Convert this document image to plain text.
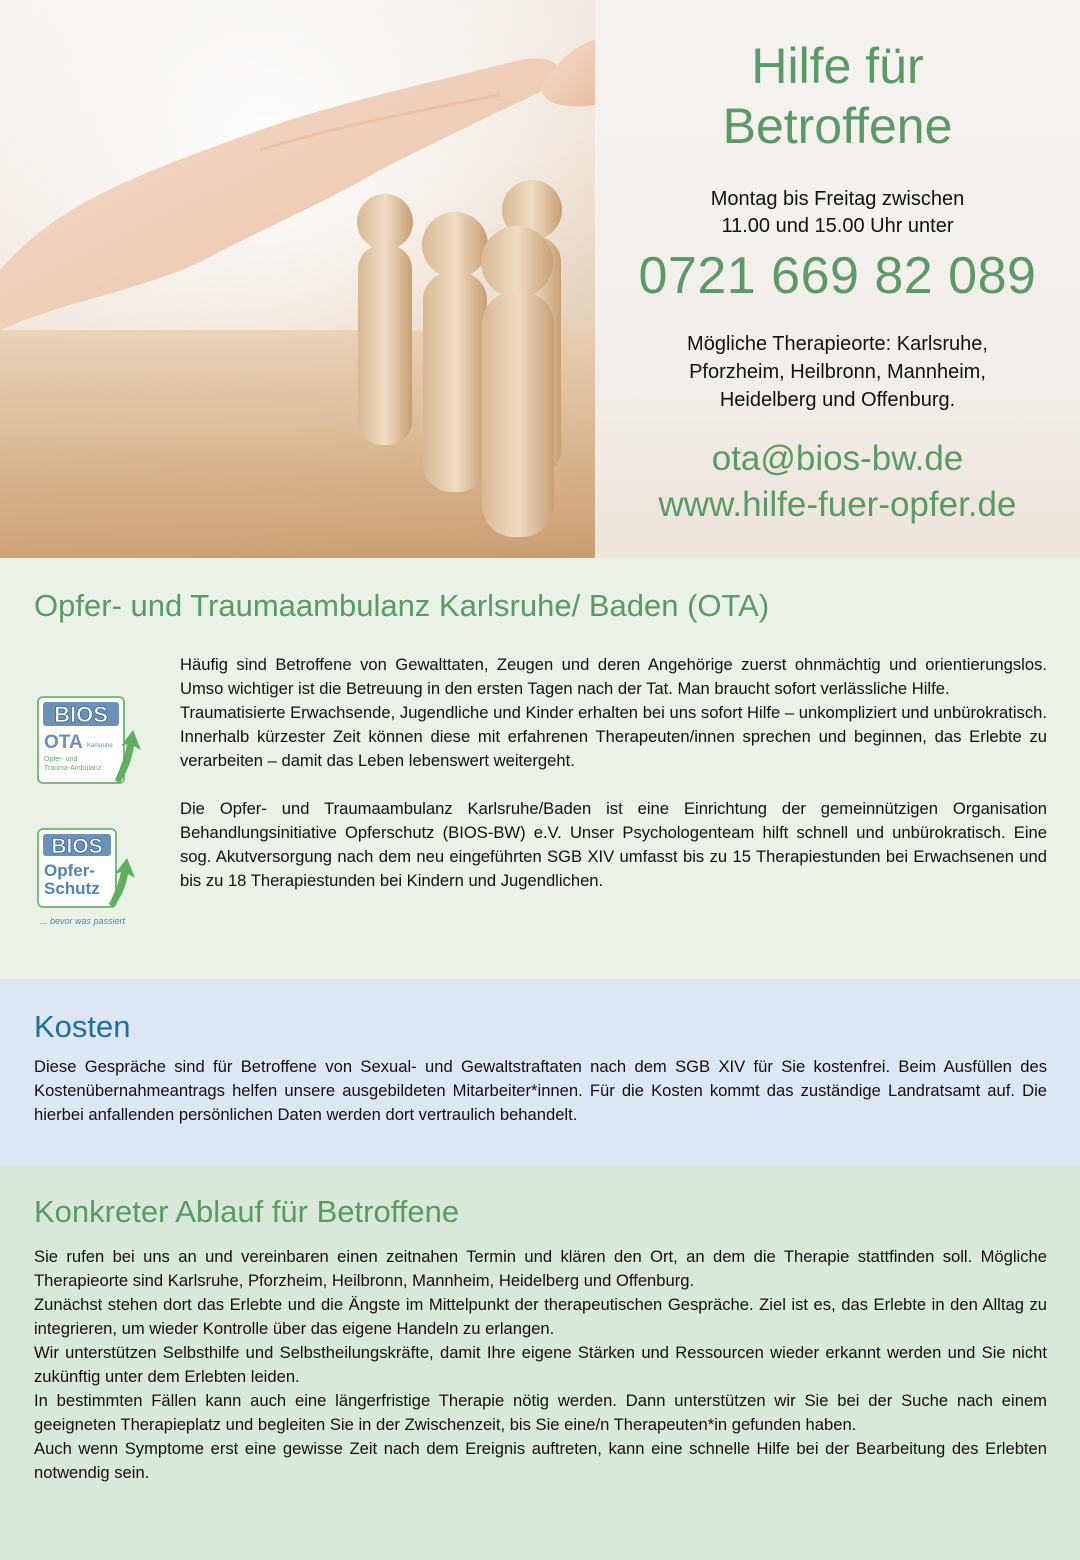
Hilfe für
Betroffene
Montag bis Freitag zwischen
11.00 und 15.00 Uhr unter
0721 669 82 089
Mögliche Therapieorte: Karlsruhe,
Pforzheim, Heilbronn, Mannheim,
Heidelberg und Offenburg.
ota@bios-bw.de
www.hilfe-fuer-opfer.de
Opfer- und Traumaambulanz Karlsruhe/ Baden (OTA)
BIOS
OTA Karlsruhe
Opfer- und
Trauma-Ambulanz
BIOS
Opfer-
Schutz
... bevor was passiert

Häufig sind Betroffene von Gewalttaten, Zeugen und deren Angehörige zuerst ohnmächtig und orientierungslos. Umso wichtiger ist die Betreuung in den ersten Tagen nach der Tat. Man braucht sofort verlässliche Hilfe.
Traumatisierte Erwachsende, Jugendliche und Kinder erhalten bei uns sofort Hilfe – unkompliziert und unbürokratisch. Innerhalb kürzester Zeit können diese mit erfahrenen Therapeuten/innen sprechen und beginnen, das Erlebte zu verarbeiten – damit das Leben lebenswert weitergeht.

Die Opfer- und Traumaambulanz Karlsruhe/Baden ist eine Einrichtung der gemeinnützigen Organisation Behandlungsinitiative Opferschutz (BIOS-BW) e.V. Unser Psychologenteam hilft schnell und unbürokratisch. Eine sog. Akutversorgung nach dem neu eingeführten SGB XIV umfasst bis zu 15 Therapiestunden bei Erwachsenen und bis zu 18 Therapiestunden bei Kindern und Jugendlichen.

Kosten

Diese Gespräche sind für Betroffene von Sexual- und Gewaltstraftaten nach dem SGB XIV für Sie kostenfrei. Beim Ausfüllen des Kostenübernahmeantrags helfen unsere ausgebildeten Mitarbeiter*innen. Für die Kosten kommt das zuständige Landratsamt auf. Die hierbei anfallenden persönlichen Daten werden dort vertraulich behandelt.

Konkreter Ablauf für Betroffene

Sie rufen bei uns an und vereinbaren einen zeitnahen Termin und klären den Ort, an dem die Therapie stattfinden soll. Mögliche Therapieorte sind Karlsruhe, Pforzheim, Heilbronn, Mannheim, Heidelberg und Offenburg.
Zunächst stehen dort das Erlebte und die Ängste im Mittelpunkt der therapeutischen Gespräche. Ziel ist es, das Erlebte in den Alltag zu integrieren, um wieder Kontrolle über das eigene Handeln zu erlangen.
Wir unterstützen Selbsthilfe und Selbstheilungskräfte, damit Ihre eigene Stärken und Ressourcen wieder erkannt werden und Sie nicht zukünftig unter dem Erlebten leiden.
In bestimmten Fällen kann auch eine längerfristige Therapie nötig werden. Dann unterstützen wir Sie bei der Suche nach einem geeigneten Therapieplatz und begleiten Sie in der Zwischenzeit, bis Sie eine/n Therapeuten*in gefunden haben.
Auch wenn Symptome erst eine gewisse Zeit nach dem Ereignis auftreten, kann eine schnelle Hilfe bei der Bearbeitung des Erlebten notwendig sein.
